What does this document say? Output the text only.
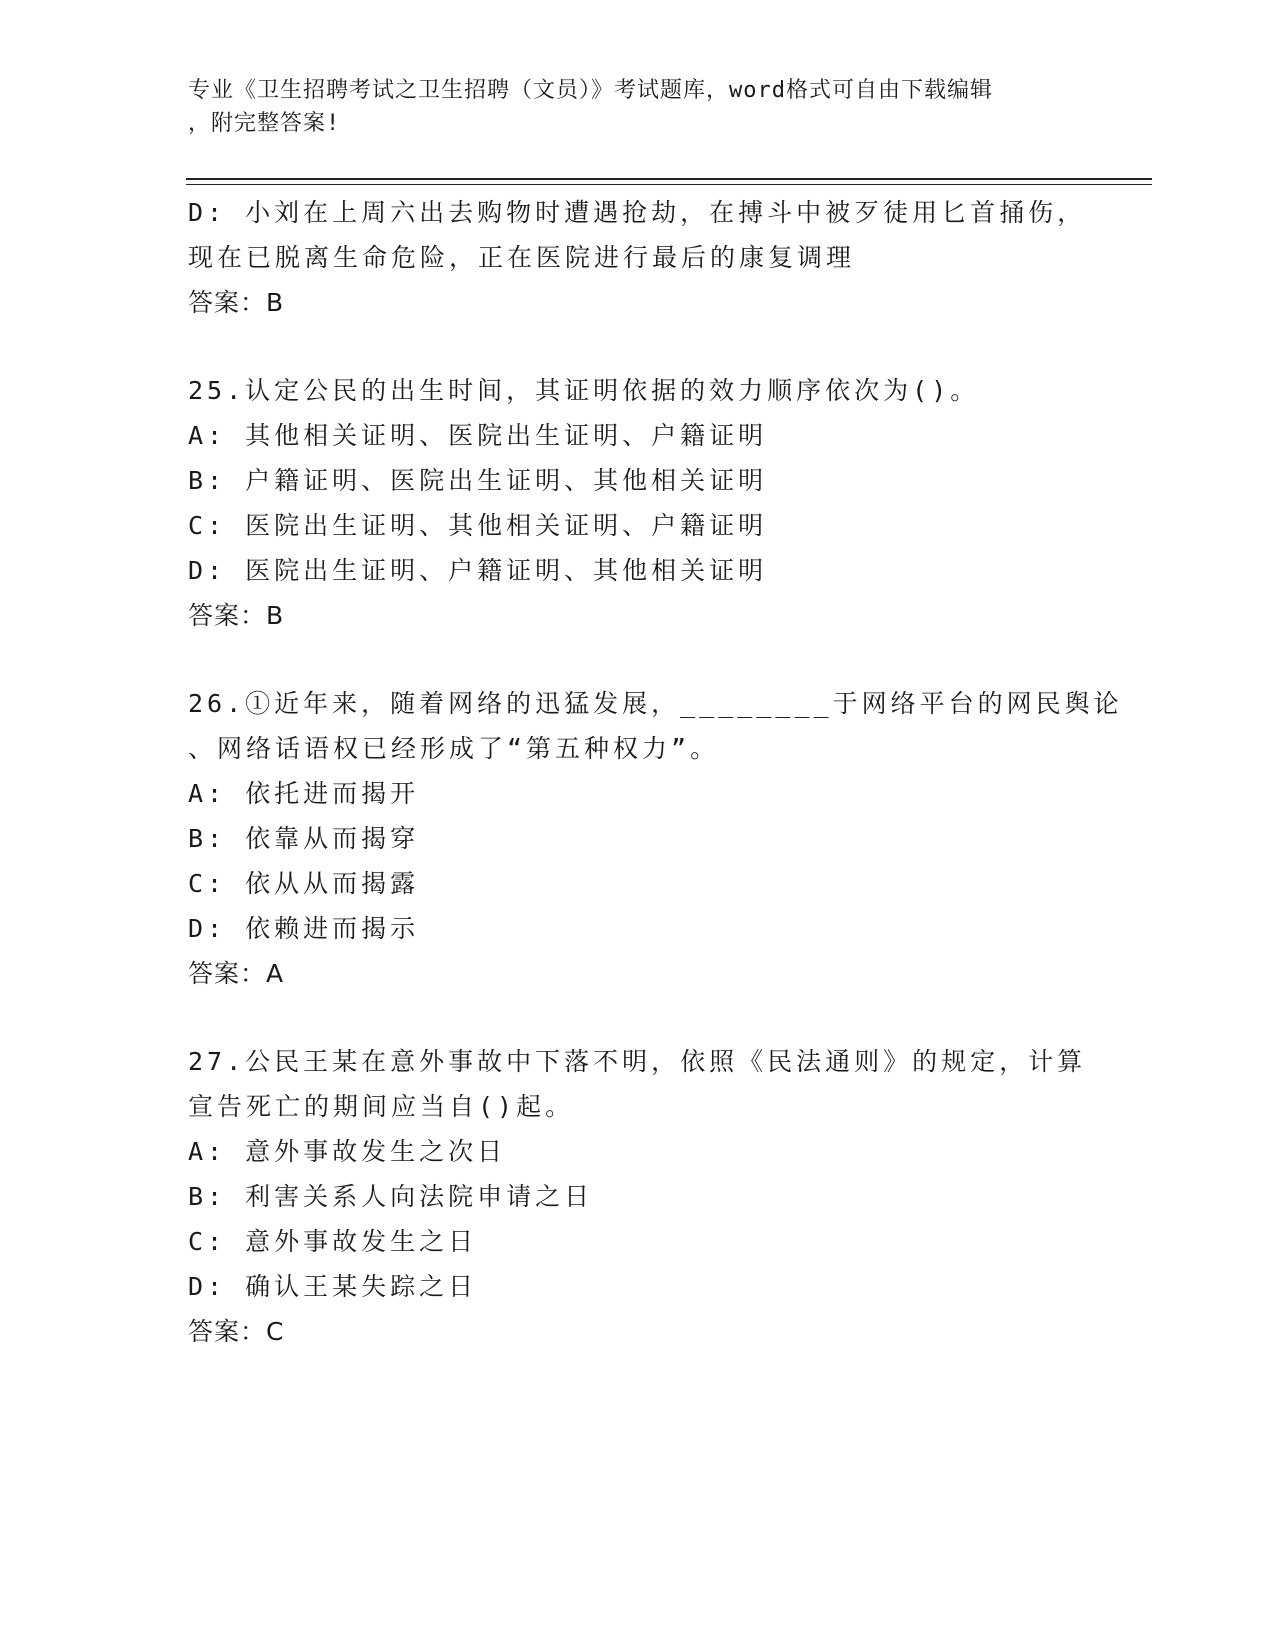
专业《卫生招聘考试之卫生招聘（文员）》考试题库，word格式可自由下载编辑
，附完整答案!
D: 小刘在上周六出去购物时遭遇抢劫，在搏斗中被歹徒用匕首捅伤，
现在已脱离生命危险，正在医院进行最后的康复调理
答案：B
25.认定公民的出生时间，其证明依据的效力顺序依次为()。
A: 其他相关证明、医院出生证明、户籍证明
B: 户籍证明、医院出生证明、其他相关证明
C: 医院出生证明、其他相关证明、户籍证明
D: 医院出生证明、户籍证明、其他相关证明
答案：B
26.①近年来，随着网络的迅猛发展，________于网络平台的网民舆论
、网络话语权已经形成了“第五种权力”。
A: 依托进而揭开
B: 依靠从而揭穿
C: 依从从而揭露
D: 依赖进而揭示
答案：A
27.公民王某在意外事故中下落不明，依照《民法通则》的规定，计算
宣告死亡的期间应当自()起。
A: 意外事故发生之次日
B: 利害关系人向法院申请之日
C: 意外事故发生之日
D: 确认王某失踪之日
答案：C
